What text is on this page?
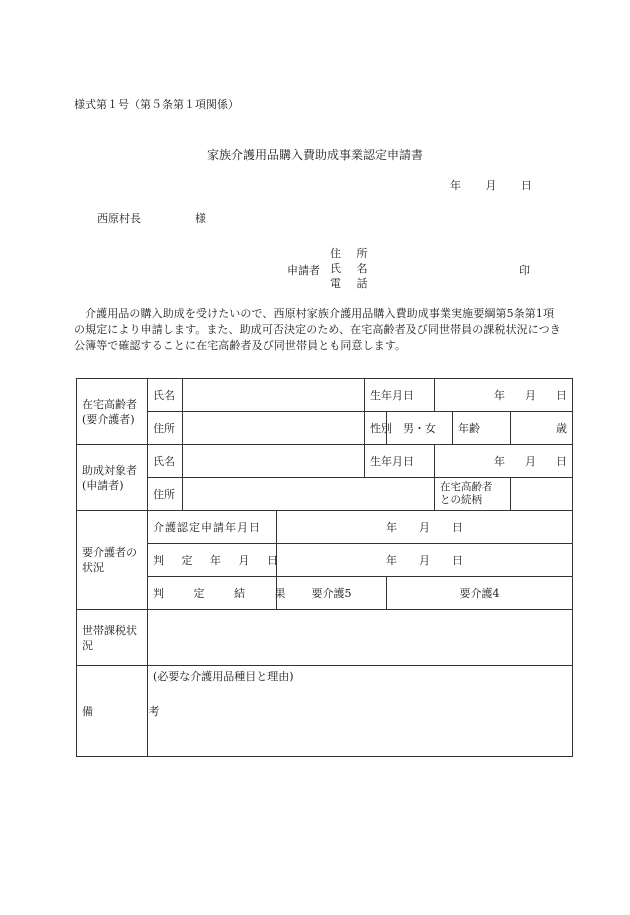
様式第１号（第５条第１項関係）
家族介護用品購入費助成事業認定申請書
年 月 日
西原村長	様
申請者
住 所
氏 名
電 話
印
介護用品の購入助成を受けたいので、西原村家族介護用品購入費助成事業実施要綱第5条第1項の規定により申請します。また、助成可否決定のため、在宅高齢者及び同世帯員の課税状況につき公簿等で確認することに在宅高齢者及び同世帯員とも同意します。
在宅高齢者 (要介護者)	氏名			生年月日		年 月 日		

	住所			性別	男・女		年齢	歳
助成対象者 (申請者)	氏名			生年月日		年 月 日		

	住所					在宅高齢者
との続柄		
要介護者の 状況	介護認定申請年月日		年 月 日					

	判 定 年 月 日		年 月 日					

	判 定 結 果		要介護5		要介護4			
世帯課税状況								
備 考	(必要な介護用品種目と理由)							
